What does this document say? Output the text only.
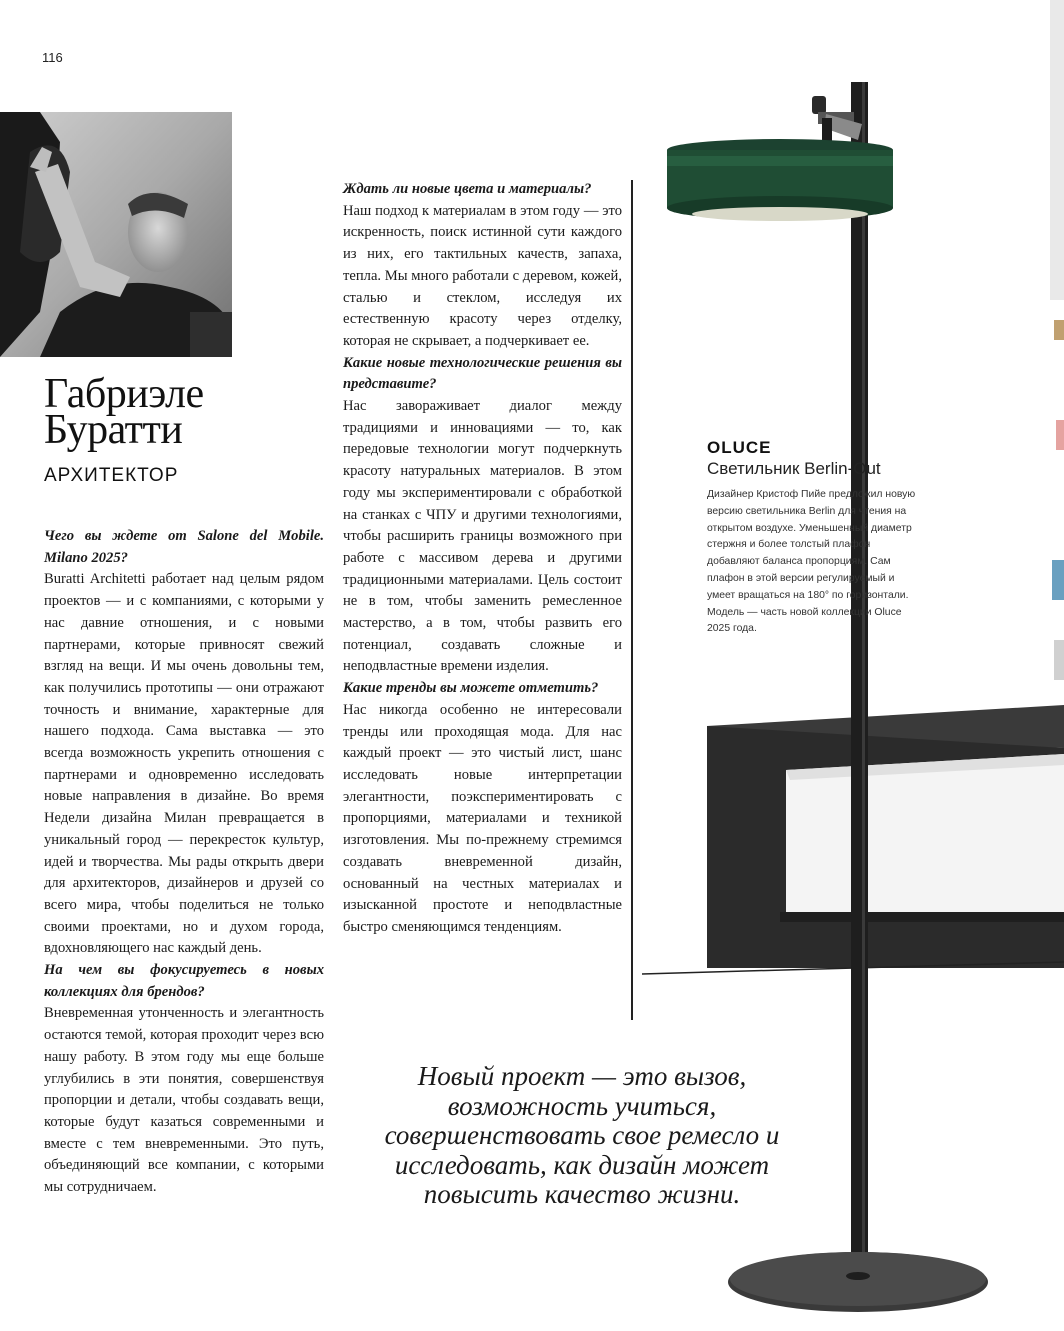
116
Габриэле
Буратти
АРХИТЕКТОР

Чего вы ждете от Salone del Mobile. Milano 2025?

Buratti Architetti работает над целым рядом проектов — и с компаниями, с которыми у нас давние отношения, и с новыми партнерами, которые привносят свежий взгляд на вещи. И мы очень довольны тем, как получились прототипы — они отражают точность и внимание, характерные для нашего подхода. Сама выставка — это всегда возможность укрепить отношения с партнерами и одновременно исследовать новые направления в дизайне. Во время Недели дизайна Милан превращается в уникальный город — перекресток культур, идей и творчества. Мы рады открыть двери для архитекторов, дизайнеров и друзей со всего мира, чтобы поделиться не только своими проектами, но и духом города, вдохновляющего нас каждый день.

На чем вы фокусируетесь в новых коллекциях для брендов?

Вневременная утонченность и элегантность остаются темой, которая проходит через всю нашу работу. В этом году мы еще больше углубились в эти понятия, совершенствуя пропорции и детали, чтобы создавать вещи, которые будут казаться современными и вместе с тем вневременными. Это путь, объединяющий все компании, с которыми мы сотрудничаем.

Ждать ли новые цвета и материалы?

Наш подход к материалам в этом году — это искренность, поиск истинной сути каждого из них, его тактильных качеств, запаха, тепла. Мы много работали с деревом, кожей, сталью и стеклом, исследуя их естественную красоту через отделку, которая не скрывает, а подчеркивает ее.

Какие новые технологические решения вы представите?

Нас завораживает диалог между традициями и инновациями — то, как передовые технологии могут подчеркнуть красоту натуральных материалов. В этом году мы экспериментировали с обработкой на станках с ЧПУ и другими технологиями, чтобы расширить границы возможного при работе с массивом дерева и другими традиционными материалами. Цель состоит не в том, чтобы заменить ремесленное мастерство, а в том, чтобы развить его потенциал, создавать сложные и неподвластные времени изделия.

Какие тренды вы можете отметить?

Нас никогда особенно не интересовали тренды или проходящая мода. Для нас каждый проект — это чистый лист, шанс исследовать новые интерпретации элегантности, поэкспериментировать с пропорциями, материалами и техникой изготовления. Мы по-прежнему стремимся создавать вневременной дизайн, основанный на честных материалах и изысканной простоте и неподвластные быстро сменяющимся тенденциям.

OLUCE
Светильник Berlin-Out
Дизайнер Кристоф Пийе предложил новую версию светильника Berlin для чтения на открытом воздухе. Уменьшенный диаметр стержня и более толстый плафон добавляют баланса пропорциям. Сам плафон в этой версии регулируемый и умеет вращаться на 180° по горизонтали. Модель — часть новой коллекции Oluce 2025 года.
Новый проект — это вызов, возможность учиться, совершенствовать свое ремесло и исследовать, как дизайн может повысить качество жизни.
